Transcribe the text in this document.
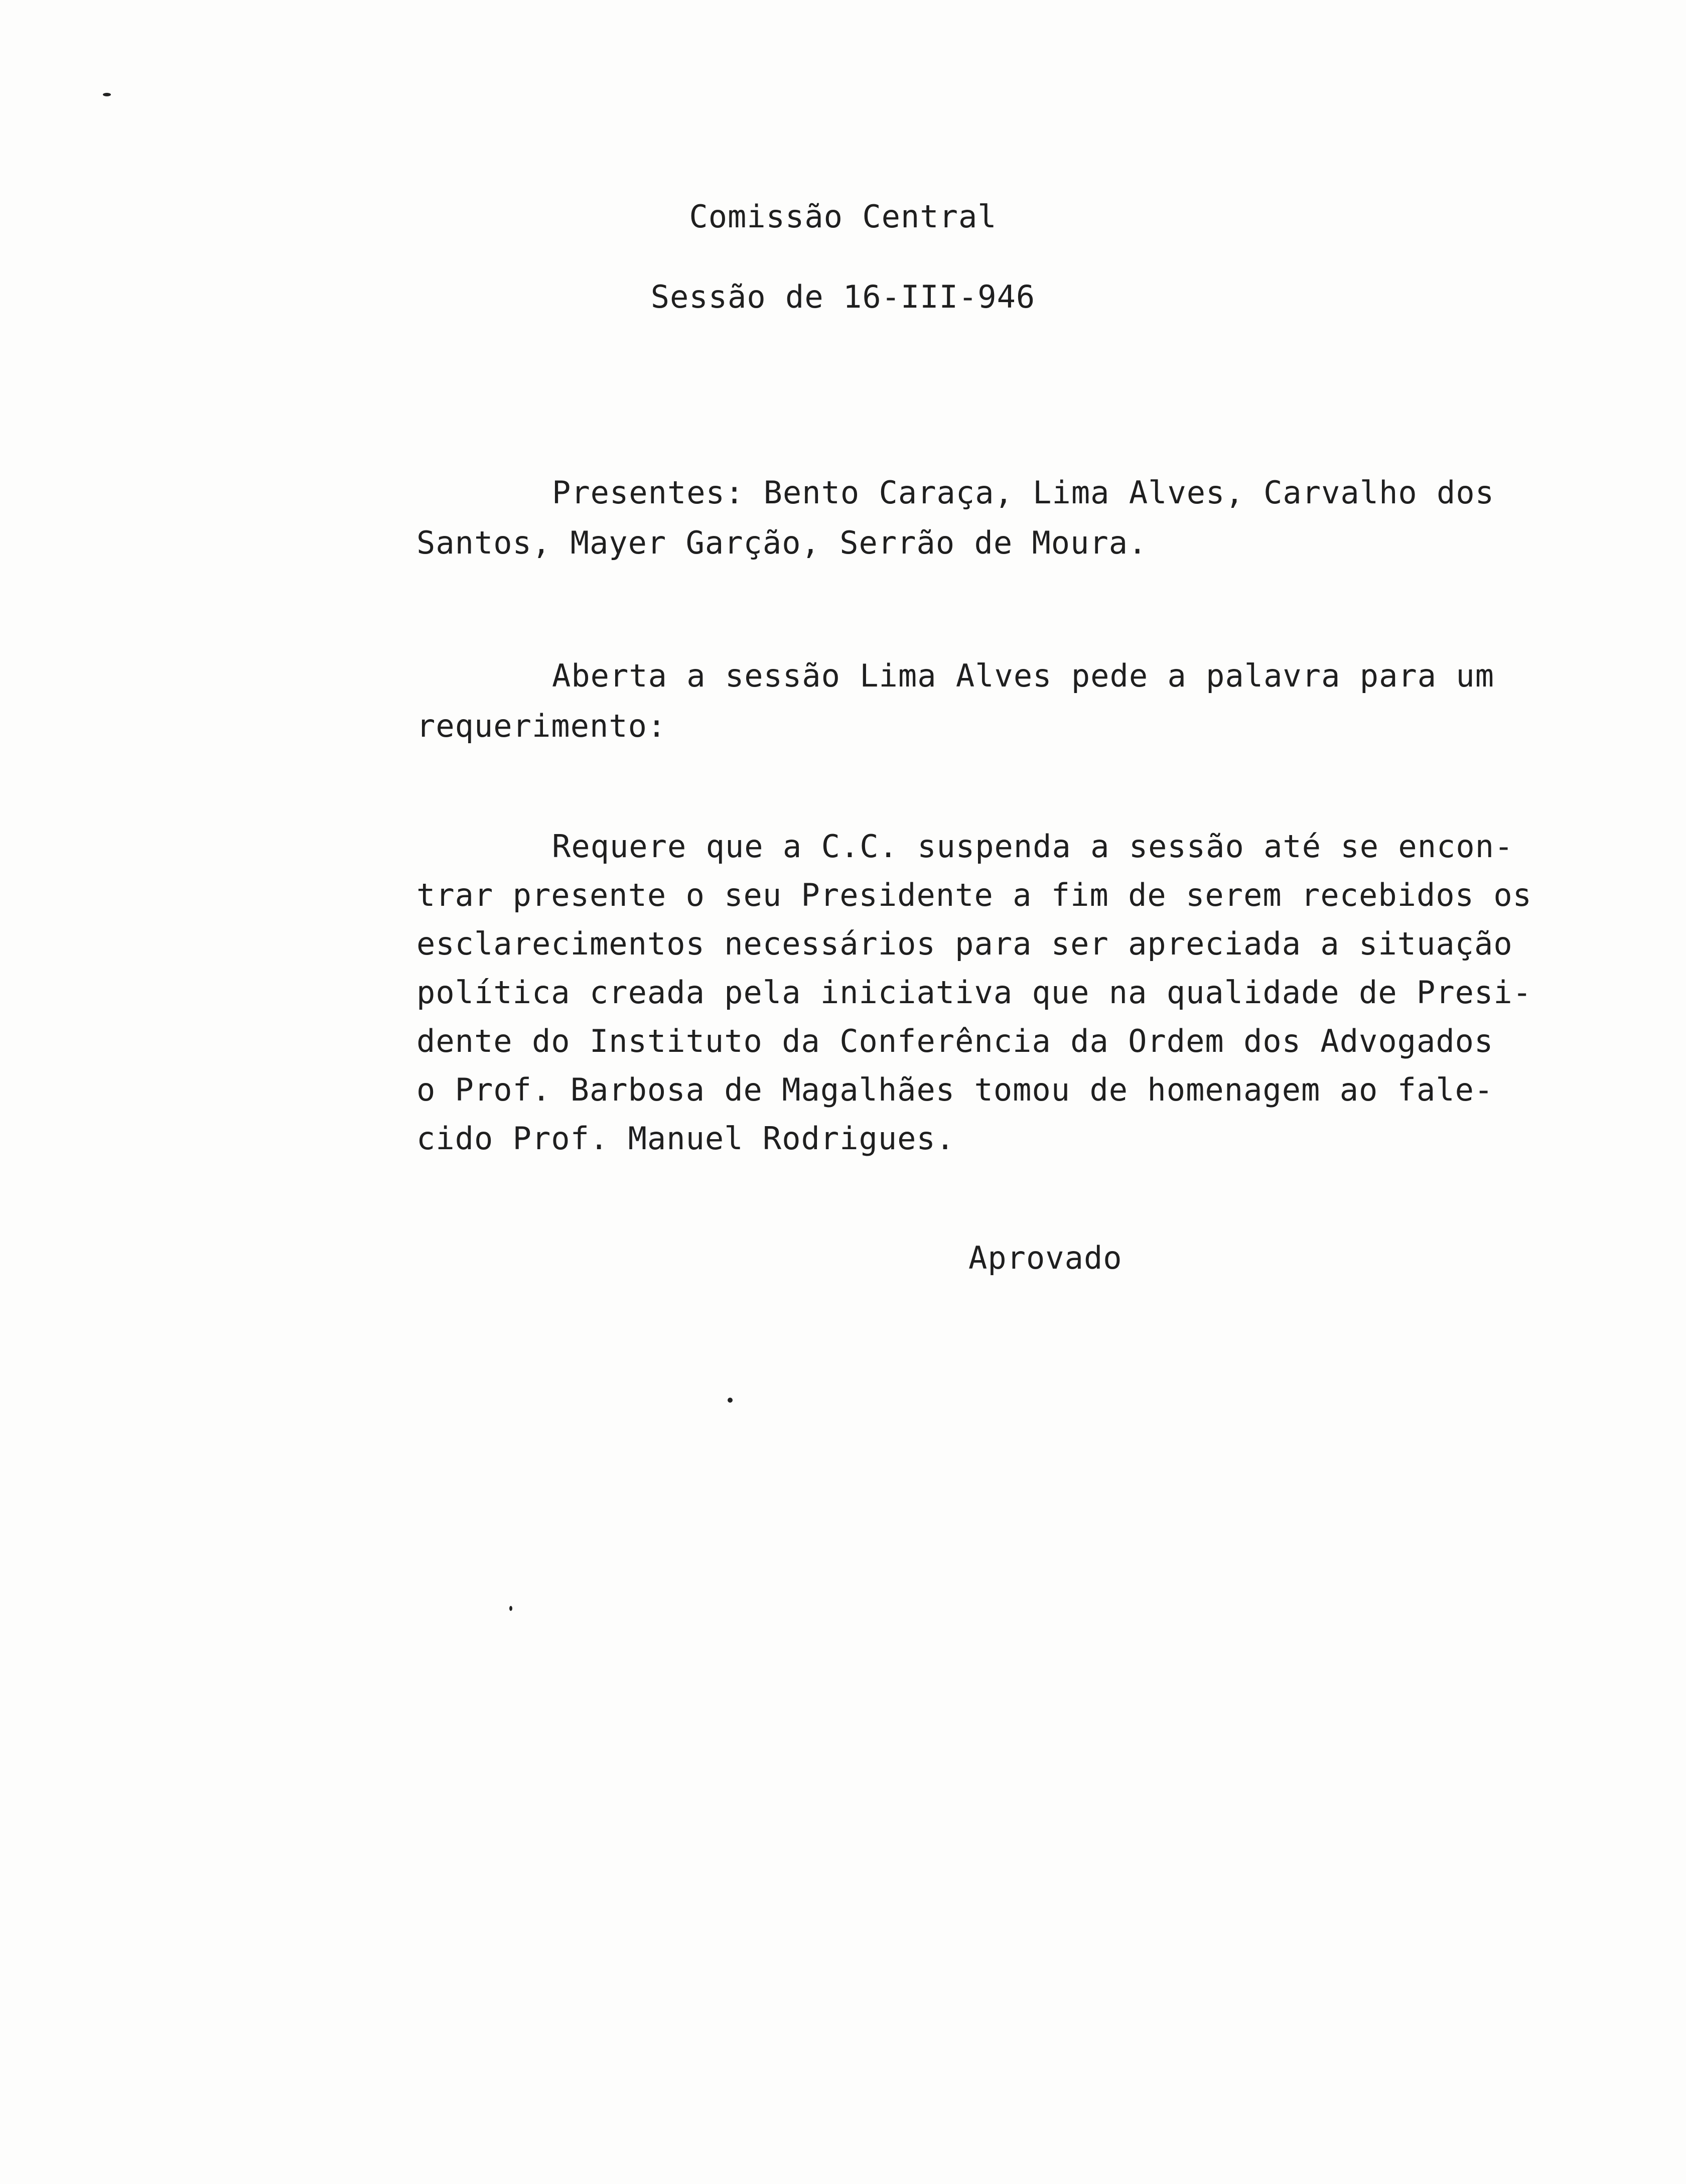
Comissão Central
Sessão de 16-III-946

Presentes: Bento Caraça, Lima Alves, Carvalho dos

Santos, Mayer Garção, Serrão de Moura.

Aberta a sessão Lima Alves pede a palavra para um

requerimento:

Requere que a C.C. suspenda a sessão até se encon-

trar presente o seu Presidente a fim de serem recebidos os

esclarecimentos necessários para ser apreciada a situação

política creada pela iniciativa que na qualidade de Presi-

dente do Instituto da Conferência da Ordem dos Advogados

o Prof. Barbosa de Magalhães tomou de homenagem ao fale-

cido Prof. Manuel Rodrigues.

Aprovado
